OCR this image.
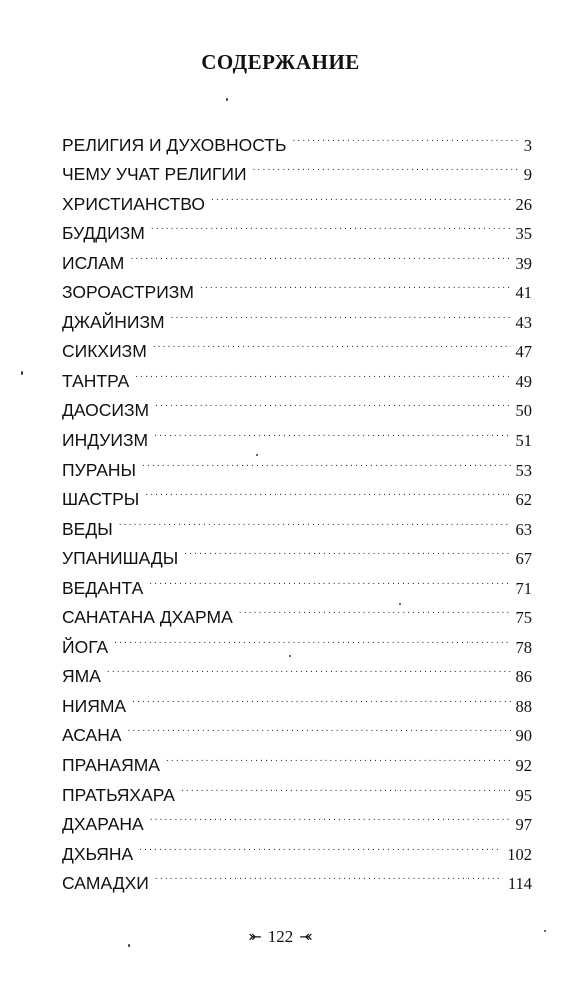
СОДЕРЖАНИЕ
РЕЛИГИЯ И ДУХОВНОСТЬ . . .	3
ЧЕМУ УЧАТ РЕЛИГИИ . . .	9
ХРИСТИАНСТВО . . .	26
БУДДИЗМ . . .	35
ИСЛАМ . . .	39
ЗОРОАСТРИЗМ . . .	41
ДЖАЙНИЗМ . . .	43
СИКХИЗМ . . .	47
ТАНТРА . . .	49
ДАОСИЗМ . . .	50
ИНДУИЗМ . . .	51
ПУРАНЫ . . .	53
ШАСТРЫ . . .	62
ВЕДЫ . . .	63
УПАНИШАДЫ . . .	67
ВЕДАНТА . . .	71
САНАТАНА ДХАРМА . . .	75
ЙОГА . . .	78
ЯМА . . .	86
НИЯМА . . .	88
АСАНА . . .	90
ПРАНАЯМА . . .	92
ПРАТЬЯХАРА . . .	95
ДХАРАНА . . .	97
ДХЬЯНА . . .	102
САМАДХИ . . .	114
⤜ 122 ⤛
